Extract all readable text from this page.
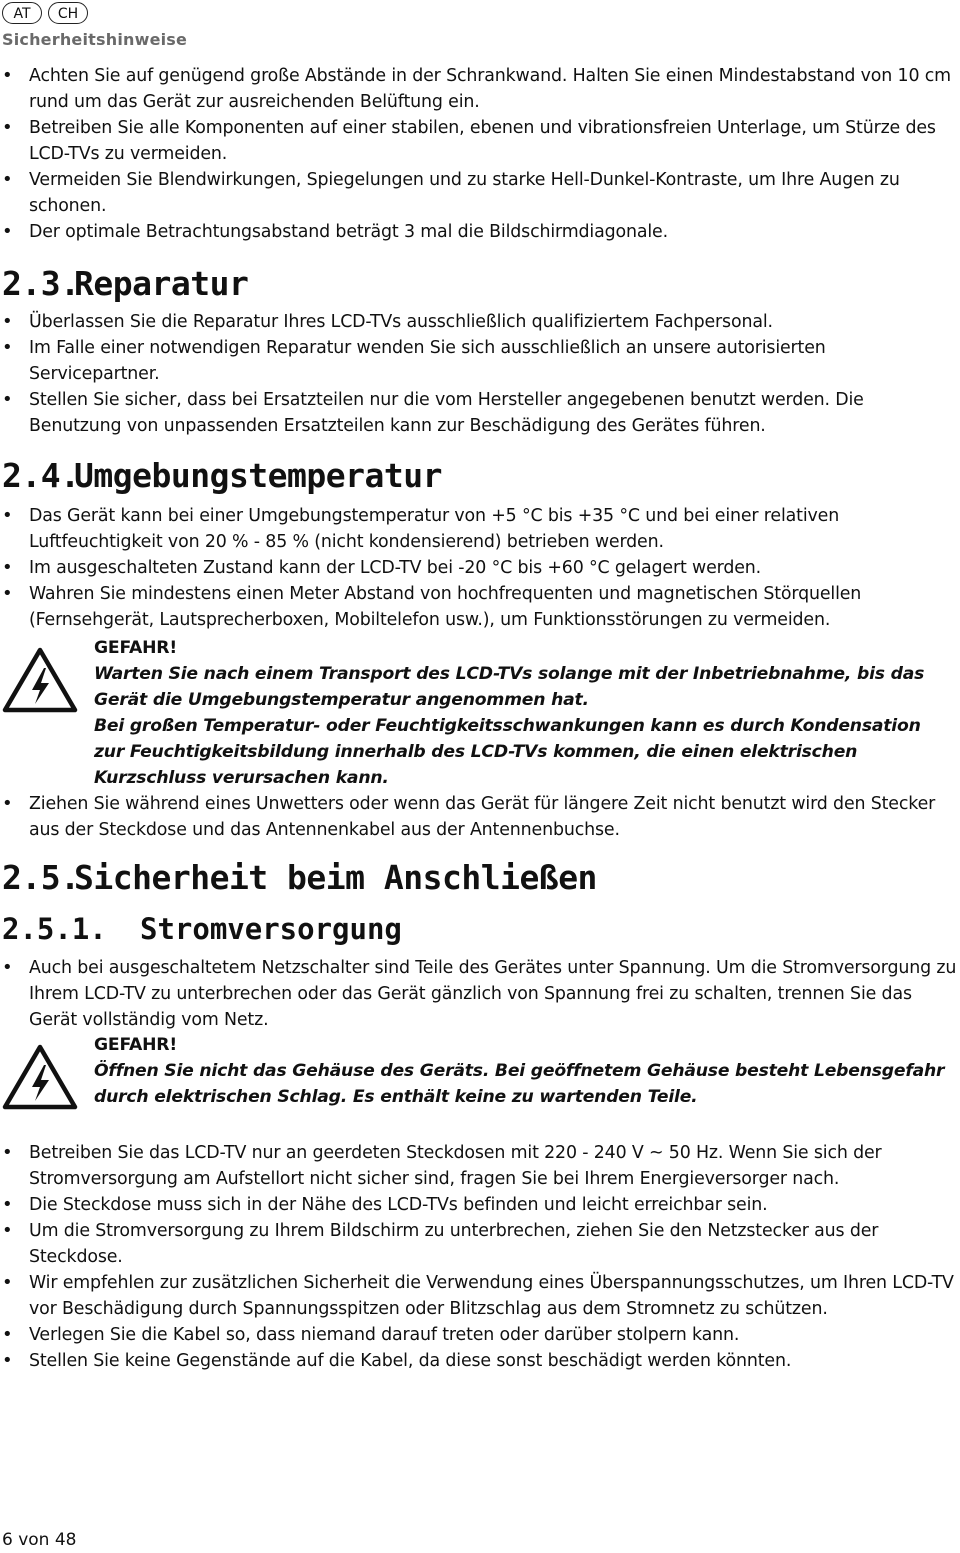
AT	CH
Sicherheitshinweise
• Achten Sie auf genügend große Abstände in der Schrankwand. Halten Sie einen Mindestabstand von 10 cm rund um das Gerät zur ausreichenden Belüftung ein.
• Betreiben Sie alle Komponenten auf einer stabilen, ebenen und vibrationsfreien Unterlage, um Stürze des LCD-TVs zu vermeiden.
• Vermeiden Sie Blendwirkungen, Spiegelungen und zu starke Hell-Dunkel-Kontraste, um Ihre Augen zu schonen.
• Der optimale Betrachtungsabstand beträgt 3 mal die Bildschirmdiagonale.
2.3.Reparatur
• Überlassen Sie die Reparatur Ihres LCD-TVs ausschließlich qualifiziertem Fachpersonal.
• Im Falle einer notwendigen Reparatur wenden Sie sich ausschließlich an unsere autorisierten Servicepartner.
• Stellen Sie sicher, dass bei Ersatzteilen nur die vom Hersteller angegebenen benutzt werden. Die Benutzung von unpassenden Ersatzteilen kann zur Beschädigung des Gerätes führen.
2.4.Umgebungstemperatur
• Das Gerät kann bei einer Umgebungstemperatur von +5 °C bis +35 °C und bei einer relativen Luftfeuchtigkeit von 20 % - 85 % (nicht kondensierend) betrieben werden.
• Im ausgeschalteten Zustand kann der LCD-TV bei -20 °C bis +60 °C gelagert werden.
• Wahren Sie mindestens einen Meter Abstand von hochfrequenten und magnetischen Störquellen (Fernsehgerät, Lautsprecherboxen, Mobiltelefon usw.), um Funktionsstörungen zu vermeiden.
GEFAHR!

Warten Sie nach einem Transport des LCD-TVs solange mit der Inbetriebnahme, bis das Gerät die Umgebungstemperatur angenommen hat.

Bei großen Temperatur- oder Feuchtigkeitsschwankungen kann es durch Kondensation zur Feuchtigkeitsbildung innerhalb des LCD-TVs kommen, die einen elektrischen Kurzschluss verursachen kann.

• Ziehen Sie während eines Unwetters oder wenn das Gerät für längere Zeit nicht benutzt wird den Stecker aus der Steckdose und das Antennenkabel aus der Antennenbuchse.
2.5.Sicherheit beim Anschließen
2.5.1. Stromversorgung
• Auch bei ausgeschaltetem Netzschalter sind Teile des Gerätes unter Spannung. Um die Stromversorgung zu Ihrem LCD-TV zu unterbrechen oder das Gerät gänzlich von Spannung frei zu schalten, trennen Sie das Gerät vollständig vom Netz.
GEFAHR!

Öffnen Sie nicht das Gehäuse des Geräts. Bei geöffnetem Gehäuse besteht Lebensgefahr durch elektrischen Schlag. Es enthält keine zu wartenden Teile.

• Betreiben Sie das LCD-TV nur an geerdeten Steckdosen mit 220 - 240 V ~ 50 Hz. Wenn Sie sich der Stromversorgung am Aufstellort nicht sicher sind, fragen Sie bei Ihrem Energieversorger nach.
• Die Steckdose muss sich in der Nähe des LCD-TVs befinden und leicht erreichbar sein.
• Um die Stromversorgung zu Ihrem Bildschirm zu unterbrechen, ziehen Sie den Netzstecker aus der Steckdose.
• Wir empfehlen zur zusätzlichen Sicherheit die Verwendung eines Überspannungsschutzes, um Ihren LCD-TV vor Beschädigung durch Spannungsspitzen oder Blitzschlag aus dem Stromnetz zu schützen.
• Verlegen Sie die Kabel so, dass niemand darauf treten oder darüber stolpern kann.
• Stellen Sie keine Gegenstände auf die Kabel, da diese sonst beschädigt werden könnten.
6 von 48
